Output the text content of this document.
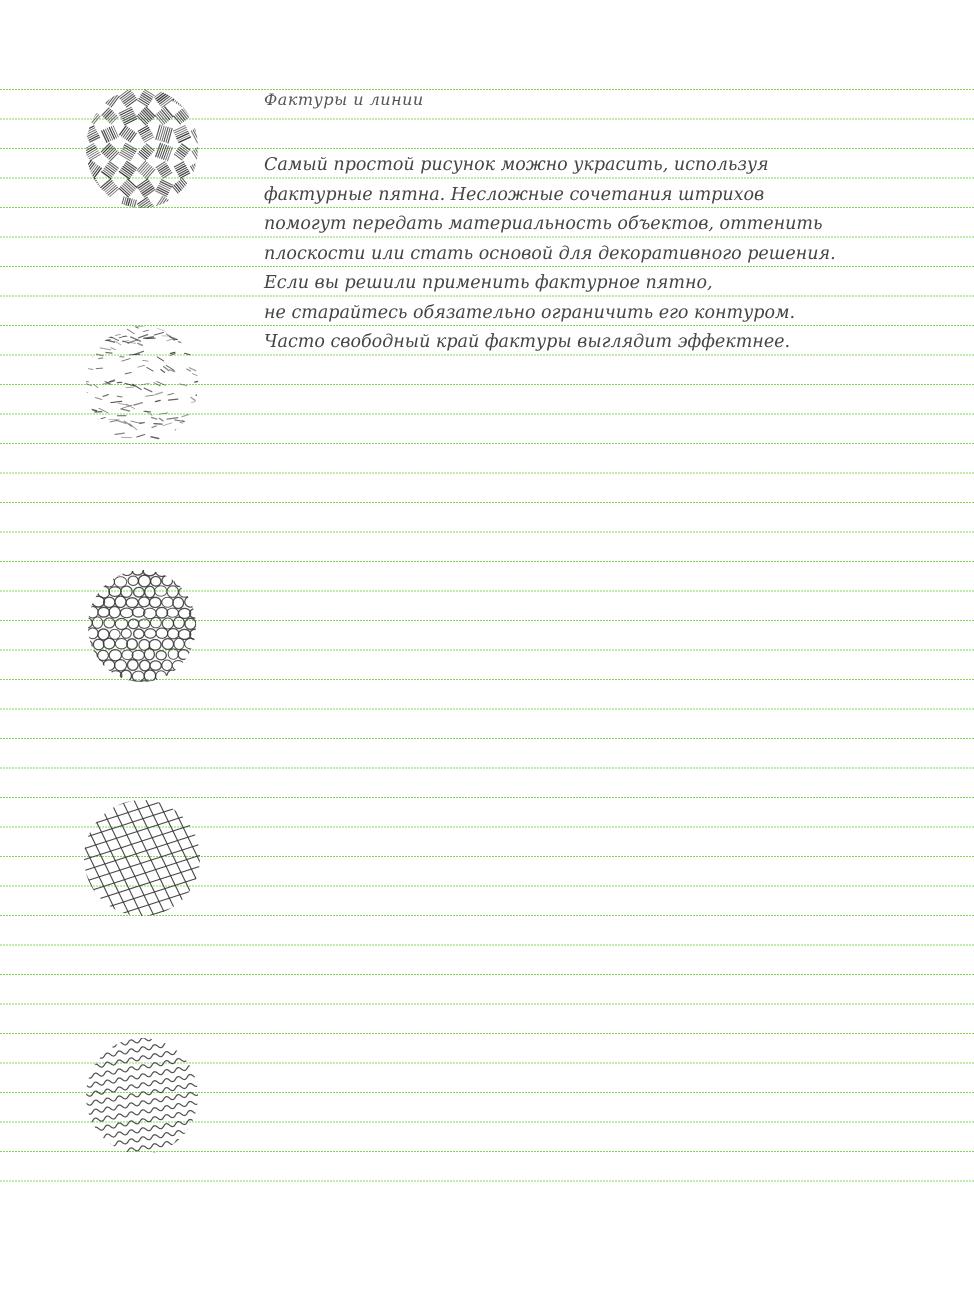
Фактуры и линии
Самый простой рисунок можно украсить, используя
фактурные пятна. Несложные сочетания штрихов
помогут передать материальность объектов, оттенить
плоскости или стать основой для декоративного решения.
Если вы решили применить фактурное пятно,
не старайтесь обязательно ограничить его контуром.
Часто свободный край фактуры выглядит эффектнее.
